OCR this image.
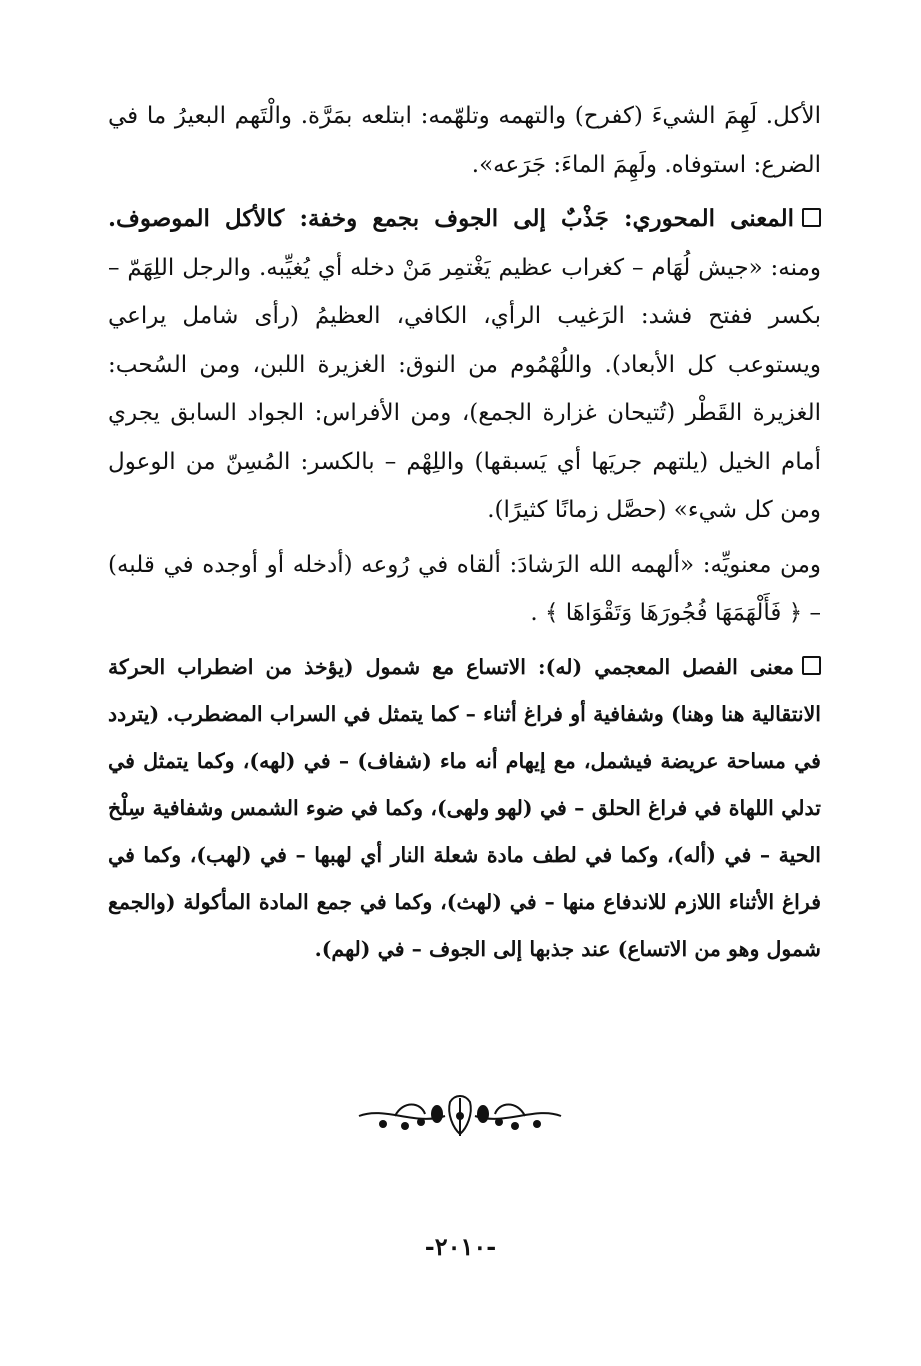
الأكل. لَهِمَ الشيءَ (كفرح) والتهمه وتلهّمه: ابتلعه بمَرَّة. والْتَهم البعيرُ ما في الضرع: استوفاه. ولَهِمَ الماءَ: جَرَعه».

المعنى المحوري: جَذْبٌ إلى الجوف بجمع وخفة: كالأكل الموصوف. ومنه: «جيش لُهَام – كغراب عظيم يَغْتمِر مَنْ دخله أي يُغيِّبه. والرجل اللِهَمّ – بكسر ففتح فشد: الرَغيب الرأي، الكافي، العظيمُ (رأى شامل يراعي ويستوعب كل الأبعاد). واللُهْمُوم من النوق: الغزيرة اللبن، ومن السُحب: الغزيرة القَطْر (تُتيحان غزارة الجمع)، ومن الأفراس: الجواد السابق يجري أمام الخيل (يلتهم جريَها أي يَسبقها) واللِهْم – بالكسر: المُسِنّ من الوعول ومن كل شيء» (حصَّل زمانًا كثيرًا).

ومن معنويِّه: «ألهمه الله الرَشادَ: ألقاه في رُوعه (أدخله أو أوجده في قلبه) – ﴿ فَأَلْهَمَهَا فُجُورَهَا وَتَقْوَاهَا ﴾ .

معنى الفصل المعجمي (له): الاتساع مع شمول (يؤخذ من اضطراب الحركة الانتقالية هنا وهنا) وشفافية أو فراغ أثناء – كما يتمثل في السراب المضطرب. (يتردد في مساحة عريضة فيشمل، مع إيهام أنه ماء (شفاف) – في (لهه)، وكما يتمثل في تدلي اللهاة في فراغ الحلق – في (لهو ولهى)، وكما في ضوء الشمس وشفافية سِلْخ الحية – في (أله)، وكما في لطف مادة شعلة النار أي لهبها – في (لهب)، وكما في فراغ الأثناء اللازم للاندفاع منها – في (لهث)، وكما في جمع المادة المأكولة (والجمع شمول وهو من الاتساع) عند جذبها إلى الجوف – في (لهم).

-٢٠١٠-
